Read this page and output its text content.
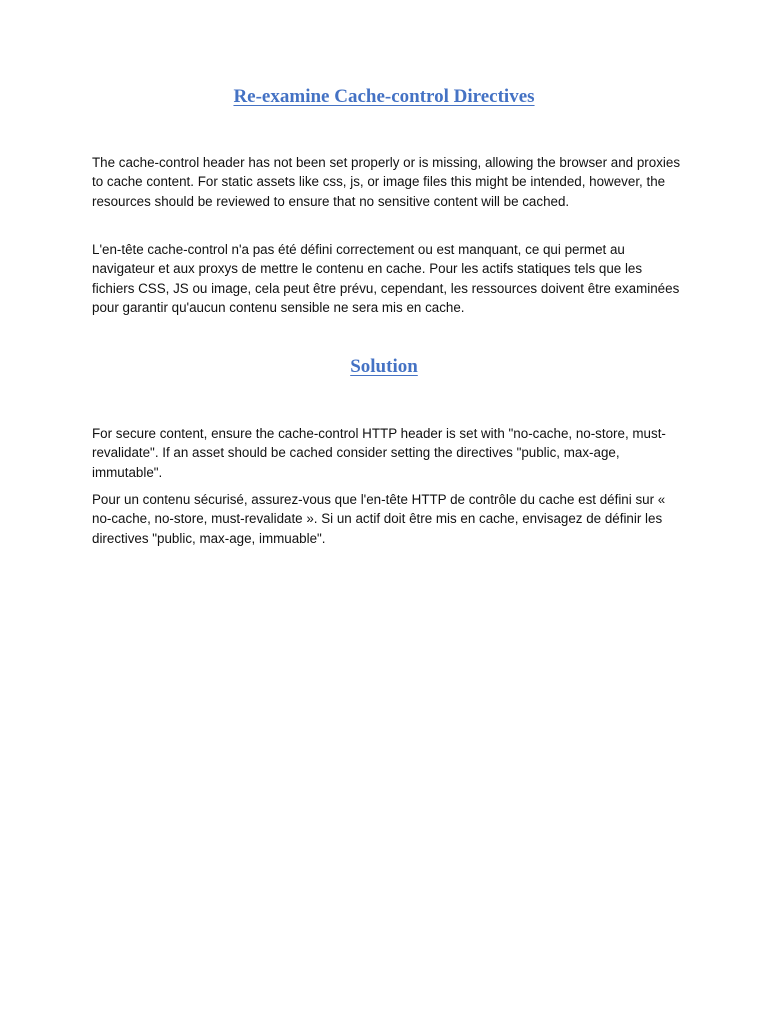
Re-examine Cache-control Directives

The cache-control header has not been set properly or is missing, allowing the browser and proxies to cache content. For static assets like css, js, or image files this might be intended, however, the resources should be reviewed to ensure that no sensitive content will be cached.

L'en-tête cache-control n'a pas été défini correctement ou est manquant, ce qui permet au navigateur et aux proxys de mettre le contenu en cache. Pour les actifs statiques tels que les fichiers CSS, JS ou image, cela peut être prévu, cependant, les ressources doivent être examinées pour garantir qu'aucun contenu sensible ne sera mis en cache.

Solution

For secure content, ensure the cache-control HTTP header is set with "no-cache, no-store, must-revalidate". If an asset should be cached consider setting the directives "public, max-age, immutable".

Pour un contenu sécurisé, assurez-vous que l'en-tête HTTP de contrôle du cache est défini sur « no-cache, no-store, must-revalidate ». Si un actif doit être mis en cache, envisagez de définir les directives "public, max-age, immuable".
